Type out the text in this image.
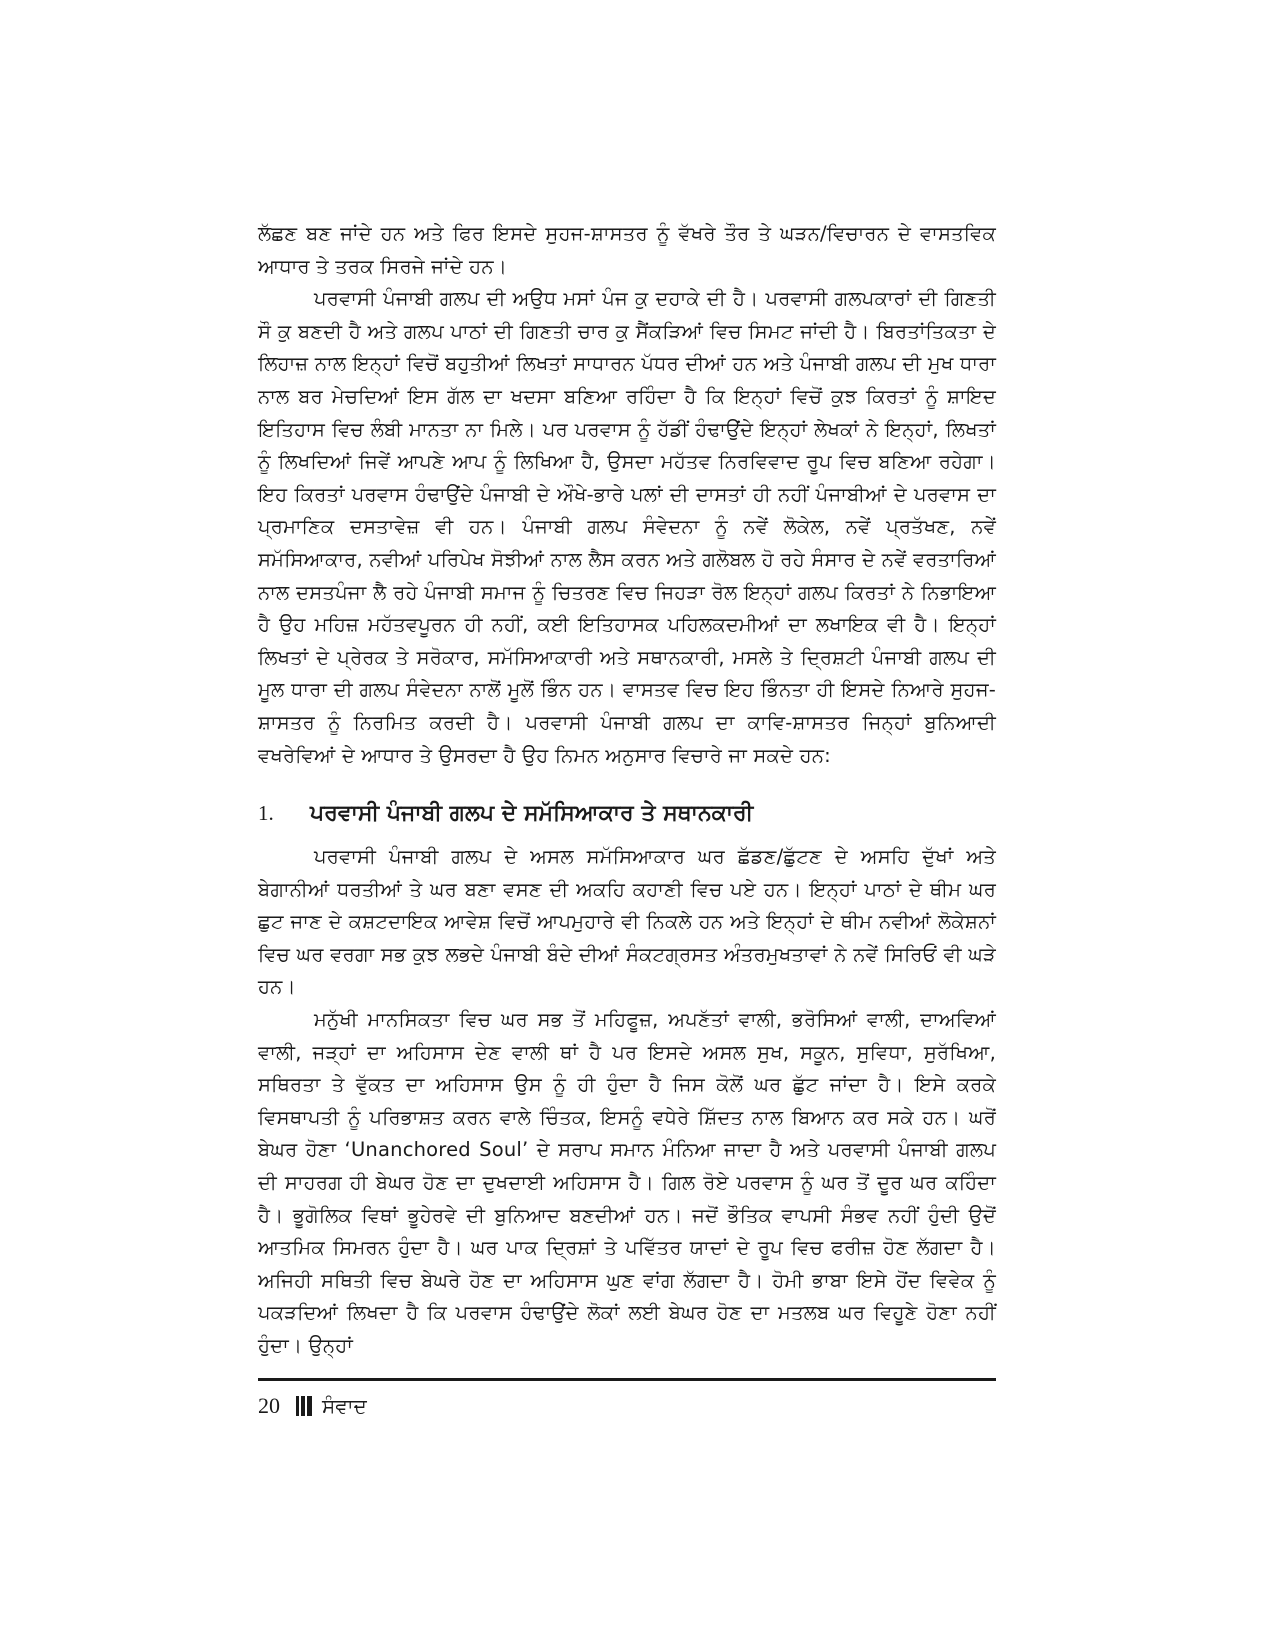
ਲੱਛਣ ਬਣ ਜਾਂਦੇ ਹਨ ਅਤੇ ਫਿਰ ਇਸਦੇ ਸੁਹਜ-ਸ਼ਾਸਤਰ ਨੂੰ ਵੱਖਰੇ ਤੌਰ ਤੇ ਘੜਨ/ਵਿਚਾਰਨ ਦੇ ਵਾਸਤਵਿਕ ਆਧਾਰ ਤੇ ਤਰਕ ਸਿਰਜੇ ਜਾਂਦੇ ਹਨ।

ਪਰਵਾਸੀ ਪੰਜਾਬੀ ਗਲਪ ਦੀ ਅਉਧ ਮਸਾਂ ਪੰਜ ਕੁ ਦਹਾਕੇ ਦੀ ਹੈ। ਪਰਵਾਸੀ ਗਲਪਕਾਰਾਂ ਦੀ ਗਿਣਤੀ ਸੌ ਕੁ ਬਣਦੀ ਹੈ ਅਤੇ ਗਲਪ ਪਾਠਾਂ ਦੀ ਗਿਣਤੀ ਚਾਰ ਕੁ ਸੈਂਕੜਿਆਂ ਵਿਚ ਸਿਮਟ ਜਾਂਦੀ ਹੈ। ਬਿਰਤਾਂਤਿਕਤਾ ਦੇ ਲਿਹਾਜ਼ ਨਾਲ ਇਨ੍ਹਾਂ ਵਿਚੋਂ ਬਹੁਤੀਆਂ ਲਿਖਤਾਂ ਸਾਧਾਰਨ ਪੱਧਰ ਦੀਆਂ ਹਨ ਅਤੇ ਪੰਜਾਬੀ ਗਲਪ ਦੀ ਮੁਖ ਧਾਰਾ ਨਾਲ ਬਰ ਮੇਚਦਿਆਂ ਇਸ ਗੱਲ ਦਾ ਖਦਸਾ ਬਣਿਆ ਰਹਿੰਦਾ ਹੈ ਕਿ ਇਨ੍ਹਾਂ ਵਿਚੋਂ ਕੁਝ ਕਿਰਤਾਂ ਨੂੰ ਸ਼ਾਇਦ ਇਤਿਹਾਸ ਵਿਚ ਲੰਬੀ ਮਾਨਤਾ ਨਾ ਮਿਲੇ। ਪਰ ਪਰਵਾਸ ਨੂੰ ਹੱਡੀਂ ਹੰਢਾਉਂਦੇ ਇਨ੍ਹਾਂ ਲੇਖਕਾਂ ਨੇ ਇਨ੍ਹਾਂ, ਲਿਖਤਾਂ ਨੂੰ ਲਿਖਦਿਆਂ ਜਿਵੇਂ ਆਪਣੇ ਆਪ ਨੂੰ ਲਿਖਿਆ ਹੈ, ਉਸਦਾ ਮਹੱਤਵ ਨਿਰਵਿਵਾਦ ਰੂਪ ਵਿਚ ਬਣਿਆ ਰਹੇਗਾ। ਇਹ ਕਿਰਤਾਂ ਪਰਵਾਸ ਹੰਢਾਉਂਦੇ ਪੰਜਾਬੀ ਦੇ ਔਖੇ-ਭਾਰੇ ਪਲਾਂ ਦੀ ਦਾਸਤਾਂ ਹੀ ਨਹੀਂ ਪੰਜਾਬੀਆਂ ਦੇ ਪਰਵਾਸ ਦਾ ਪ੍ਰਮਾਣਿਕ ਦਸਤਾਵੇਜ਼ ਵੀ ਹਨ। ਪੰਜਾਬੀ ਗਲਪ ਸੰਵੇਦਨਾ ਨੂੰ ਨਵੇਂ ਲੋਕੇਲ, ਨਵੇਂ ਪ੍ਰਤੱਖਣ, ਨਵੇਂ ਸਮੱਸਿਆਕਾਰ, ਨਵੀਆਂ ਪਰਿਪੇਖ ਸੋਝੀਆਂ ਨਾਲ ਲੈਸ ਕਰਨ ਅਤੇ ਗਲੋਬਲ ਹੋ ਰਹੇ ਸੰਸਾਰ ਦੇ ਨਵੇਂ ਵਰਤਾਰਿਆਂ ਨਾਲ ਦਸਤਪੰਜਾ ਲੈ ਰਹੇ ਪੰਜਾਬੀ ਸਮਾਜ ਨੂੰ ਚਿਤਰਣ ਵਿਚ ਜਿਹੜਾ ਰੋਲ ਇਨ੍ਹਾਂ ਗਲਪ ਕਿਰਤਾਂ ਨੇ ਨਿਭਾਇਆ ਹੈ ਉਹ ਮਹਿਜ਼ ਮਹੱਤਵਪੂਰਨ ਹੀ ਨਹੀਂ, ਕਈ ਇਤਿਹਾਸਕ ਪਹਿਲਕਦਮੀਆਂ ਦਾ ਲਖਾਇਕ ਵੀ ਹੈ। ਇਨ੍ਹਾਂ ਲਿਖਤਾਂ ਦੇ ਪ੍ਰੇਰਕ ਤੇ ਸਰੋਕਾਰ, ਸਮੱਸਿਆਕਾਰੀ ਅਤੇ ਸਥਾਨਕਾਰੀ, ਮਸਲੇ ਤੇ ਦ੍ਰਿਸ਼ਟੀ ਪੰਜਾਬੀ ਗਲਪ ਦੀ ਮੂਲ ਧਾਰਾ ਦੀ ਗਲਪ ਸੰਵੇਦਨਾ ਨਾਲੋਂ ਮੂਲੋਂ ਭਿੰਨ ਹਨ। ਵਾਸਤਵ ਵਿਚ ਇਹ ਭਿੰਨਤਾ ਹੀ ਇਸਦੇ ਨਿਆਰੇ ਸੁਹਜ-ਸ਼ਾਸਤਰ ਨੂੰ ਨਿਰਮਿਤ ਕਰਦੀ ਹੈ। ਪਰਵਾਸੀ ਪੰਜਾਬੀ ਗਲਪ ਦਾ ਕਾਵਿ-ਸ਼ਾਸਤਰ ਜਿਨ੍ਹਾਂ ਬੁਨਿਆਦੀ ਵਖਰੇਵਿਆਂ ਦੇ ਆਧਾਰ ਤੇ ਉਸਰਦਾ ਹੈ ਉਹ ਨਿਮਨ ਅਨੁਸਾਰ ਵਿਚਾਰੇ ਜਾ ਸਕਦੇ ਹਨ:

1.	ਪਰਵਾਸੀ ਪੰਜਾਬੀ ਗਲਪ ਦੇ ਸਮੱਸਿਆਕਾਰ ਤੇ ਸਥਾਨਕਾਰੀ

ਪਰਵਾਸੀ ਪੰਜਾਬੀ ਗਲਪ ਦੇ ਅਸਲ ਸਮੱਸਿਆਕਾਰ ਘਰ ਛੱਡਣ/ਛੁੱਟਣ ਦੇ ਅਸਹਿ ਦੁੱਖਾਂ ਅਤੇ ਬੇਗਾਨੀਆਂ ਧਰਤੀਆਂ ਤੇ ਘਰ ਬਣਾ ਵਸਣ ਦੀ ਅਕਹਿ ਕਹਾਣੀ ਵਿਚ ਪਏ ਹਨ। ਇਨ੍ਹਾਂ ਪਾਠਾਂ ਦੇ ਥੀਮ ਘਰ ਛੁਟ ਜਾਣ ਦੇ ਕਸ਼ਟਦਾਇਕ ਆਵੇਸ਼ ਵਿਚੋਂ ਆਪਮੁਹਾਰੇ ਵੀ ਨਿਕਲੇ ਹਨ ਅਤੇ ਇਨ੍ਹਾਂ ਦੇ ਥੀਮ ਨਵੀਆਂ ਲੋਕੇਸ਼ਨਾਂ ਵਿਚ ਘਰ ਵਰਗਾ ਸਭ ਕੁਝ ਲਭਦੇ ਪੰਜਾਬੀ ਬੰਦੇ ਦੀਆਂ ਸੰਕਟਗ੍ਰਸਤ ਅੰਤਰਮੁਖਤਾਵਾਂ ਨੇ ਨਵੇਂ ਸਿਰਿਓਂ ਵੀ ਘੜੇ ਹਨ।

ਮਨੁੱਖੀ ਮਾਨਸਿਕਤਾ ਵਿਚ ਘਰ ਸਭ ਤੋਂ ਮਹਿਫੂਜ਼, ਅਪਣੱਤਾਂ ਵਾਲੀ, ਭਰੋਸਿਆਂ ਵਾਲੀ, ਦਾਅਵਿਆਂ ਵਾਲੀ, ਜੜ੍ਹਾਂ ਦਾ ਅਹਿਸਾਸ ਦੇਣ ਵਾਲੀ ਥਾਂ ਹੈ ਪਰ ਇਸਦੇ ਅਸਲ ਸੁਖ, ਸਕੂਨ, ਸੁਵਿਧਾ, ਸੁਰੱਖਿਆ, ਸਥਿਰਤਾ ਤੇ ਵੁੱਕਤ ਦਾ ਅਹਿਸਾਸ ਉਸ ਨੂੰ ਹੀ ਹੁੰਦਾ ਹੈ ਜਿਸ ਕੋਲੋਂ ਘਰ ਛੁੱਟ ਜਾਂਦਾ ਹੈ। ਇਸੇ ਕਰਕੇ ਵਿਸਥਾਪਤੀ ਨੂੰ ਪਰਿਭਾਸ਼ਤ ਕਰਨ ਵਾਲੇ ਚਿੰਤਕ, ਇਸਨੂੰ ਵਧੇਰੇ ਸ਼ਿੱਦਤ ਨਾਲ ਬਿਆਨ ਕਰ ਸਕੇ ਹਨ। ਘਰੋਂ ਬੇਘਰ ਹੋਣਾ ‘Unanchored Soul’ ਦੇ ਸਰਾਪ ਸਮਾਨ ਮੰਨਿਆ ਜਾਦਾ ਹੈ ਅਤੇ ਪਰਵਾਸੀ ਪੰਜਾਬੀ ਗਲਪ ਦੀ ਸਾਹਰਗ ਹੀ ਬੇਘਰ ਹੋਣ ਦਾ ਦੁਖਦਾਈ ਅਹਿਸਾਸ ਹੈ। ਗਿਲ ਰੋਏ ਪਰਵਾਸ ਨੂੰ ਘਰ ਤੋਂ ਦੂਰ ਘਰ ਕਹਿੰਦਾ ਹੈ। ਭੂਗੋਲਿਕ ਵਿਥਾਂ ਭੂਹੇਰਵੇ ਦੀ ਬੁਨਿਆਦ ਬਣਦੀਆਂ ਹਨ। ਜਦੋਂ ਭੌਤਿਕ ਵਾਪਸੀ ਸੰਭਵ ਨਹੀਂ ਹੁੰਦੀ ਉਦੋਂ ਆਤਮਿਕ ਸਿਮਰਨ ਹੁੰਦਾ ਹੈ। ਘਰ ਪਾਕ ਦ੍ਰਿਸ਼ਾਂ ਤੇ ਪਵਿੱਤਰ ਯਾਦਾਂ ਦੇ ਰੂਪ ਵਿਚ ਫਰੀਜ਼ ਹੋਣ ਲੱਗਦਾ ਹੈ। ਅਜਿਹੀ ਸਥਿਤੀ ਵਿਚ ਬੇਘਰੇ ਹੋਣ ਦਾ ਅਹਿਸਾਸ ਘੁਣ ਵਾਂਗ ਲੱਗਦਾ ਹੈ। ਹੋਮੀ ਭਾਬਾ ਇਸੇ ਹੋਂਦ ਵਿਵੇਕ ਨੂੰ ਪਕੜਦਿਆਂ ਲਿਖਦਾ ਹੈ ਕਿ ਪਰਵਾਸ ਹੰਢਾਉਂਦੇ ਲੋਕਾਂ ਲਈ ਬੇਘਰ ਹੋਣ ਦਾ ਮਤਲਬ ਘਰ ਵਿਹੂਣੇ ਹੋਣਾ ਨਹੀਂ ਹੁੰਦਾ। ਉਨ੍ਹਾਂ

20 ਸੰਵਾਦ
